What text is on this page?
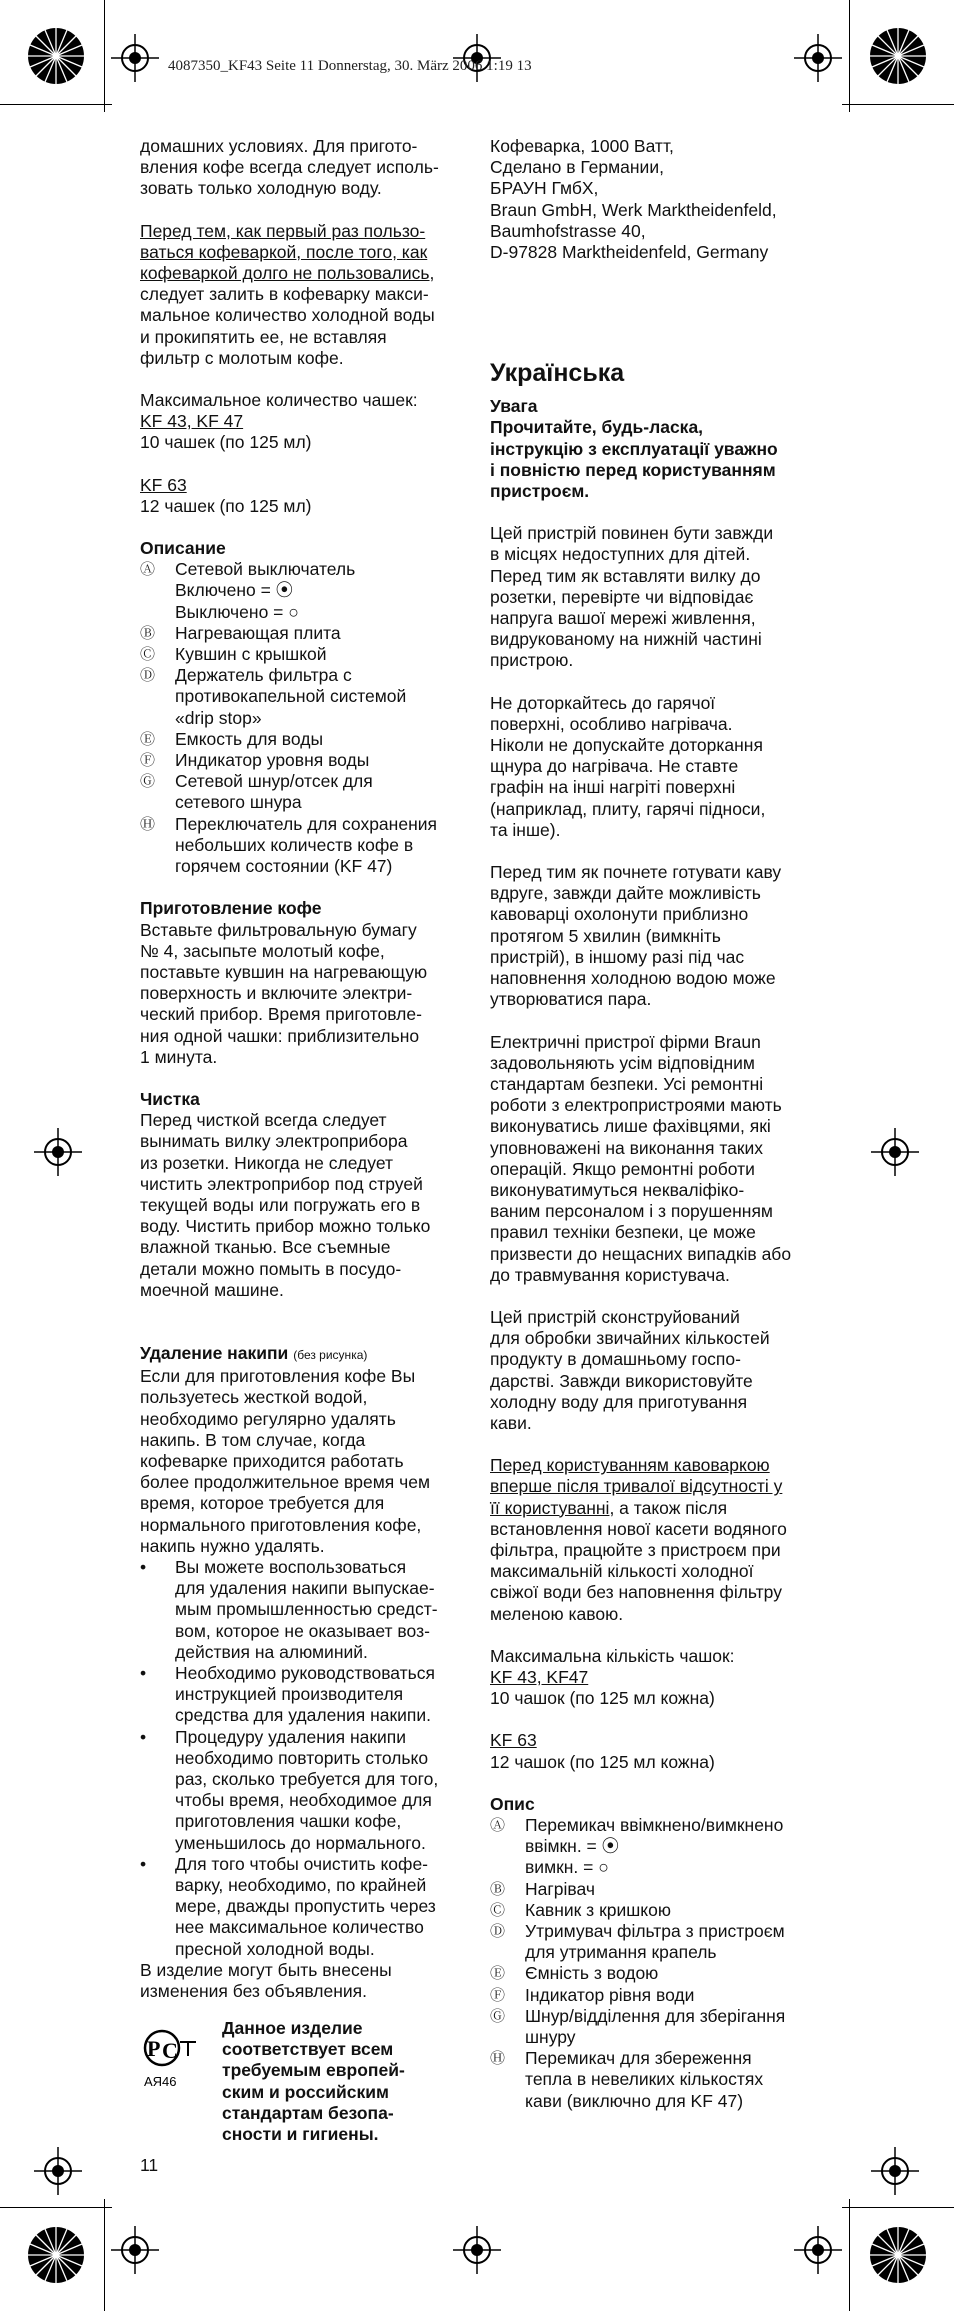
4087350_KF43 Seite 11 Donnerstag, 30. März 2006 1:19 13

домашних условиях. Для пригото-
вления кофе всегда следует исполь-
зовать только холодную воду.

Перед тем, как первый раз пользо-
ваться кофеваркой, после того, как
кофеваркой долго не пользовались,
следует залить в кофеварку макси-
мальное количество холодной воды
и прокипятить ее, не вставляя
фильтр с молотым кофе.

Максимальное количество чашек:
KF 43, KF 47
10 чашек (по 125 мл)
KF 63
12 чашек (по 125 мл)
Описание
Ⓐ	Сетевой выключатель
Включено = ⦿
Выключено = ○
Ⓑ	Нагревающая плита
Ⓒ	Кувшин с крышкой
Ⓓ	Держатель фильтра с
противокапельной системой
«drip stop»
Ⓔ	Емкость для воды
Ⓕ	Индикатор уровня воды
Ⓖ	Сетевой шнур/отсек для
сетевого шнура
Ⓗ	Переключатель для сохранения
небольших количеств кофе в
горячем состоянии (KF 47)
Приготовление кофе

Вставьте фильтровальную бумагу
№ 4, засыпьте молотый кофе,
поставьте кувшин на нагревающую
поверхность и включите электри-
ческий прибор. Время приготовле-
ния одной чашки: приблизительно
1 минута.

Чистка

Перед чисткой всегда следует
вынимать вилку электроприбора
из розетки. Никогда не следует
чистить электроприбор под струей
текущей воды или погружать его в
воду. Чистить прибор можно только
влажной тканью. Все съемные
детали можно помыть в посудо-
моечной машине.

Удаление накипи (без рисунка)

Если для приготовления кофе Вы
пользуетесь жесткой водой,
необходимо регулярно удалять
накипь. В том случае, когда
кофеварке приходится работать
более продолжительное время чем
время, которое требуется для
нормального приготовления кофе,
накипь нужно удалять.

•	Вы можете воспользоваться
для удаления накипи выпускае-
мым промышленностью средст-
вом, которое не оказывает воз-
действия на алюминий.
•	Необходимо руководствоваться
инструкцией производителя
средства для удаления накипи.
•	Процедуру удаления накипи
необходимо повторить столько
раз, сколько требуется для того,
чтобы время, необходимое для
приготовления чашки кофе,
уменьшилось до нормального.
•	Для того чтобы очистить кофе-
варку, необходимо, по крайней
мере, дважды пропустить через
нее максимальное количество
пресной холодной воды.

В изделие могут быть внесены
изменения без объявления.

P C
АЯ46
Данное изделие
соответствует всем
требуемым европей-
ским и российским
стандартам безопа-
сности и гигиены.
11

Кофеварка, 1000 Ватт,
Сделано в Германии,
БРАУН ГмбХ,
Braun GmbH, Werk Marktheidenfeld,
Baumhofstrasse 40,
D-97828 Marktheidenfeld, Germany

Українська
Увага

Прочитайте, будь-ласка,
інструкцію з експлуатації уважно
і повністю перед користуванням
пристроєм.

Цей пристрій повинен бути завжди
в місцях недоступних для дітей.
Перед тим як вставляти вилку до
розетки, перевірте чи відповідає
напруга вашої мережі живлення,
видрукованому на нижній частині
пристрою.

Не доторкайтесь до гарячої
поверхні, особливо нагрівача.
Ніколи не допускайте доторкання
щнура до нагрівача. Не ставте
графін на інші нагріті поверхні
(наприклад, плиту, гарячі підноси,
та інше).

Перед тим як почнете готувати каву
вдруге, завжди дайте можливість
кавоварці охолонути приблизно
протягом 5 хвилин (вимкніть
пристрій), в іншому разі під час
наповнення холодною водою може
утворюватися пара.

Електричні пристрої фірми Braun
задовольняють усім відповідним
стандартам безпеки. Усі ремонтні
роботи з електропристроями мають
виконуватись лише фахівцями, які
уповноважені на виконання таких
операцій. Якщо ремонтні роботи
виконуватимуться некваліфіко-
ваним персоналом і з порушенням
правил техніки безпеки, це може
призвести до нещасних випадків або
до травмування користувача.

Цей пристрій сконструйований
для обробки звичайних кількостей
продукту в домашньому госпо-
дарстві. Завжди використовуйте
холодну воду для приготування
кави.

Перед користуванням кавоваркою
вперше після тривалої відсутності у
її користуванні, а також після
встановлення нової касети водяного
фільтра, працюйте з пристроєм при
максимальній кількості холодної
свіжої води без наповнення фільтру
меленою кавою.

Максимальна кількість чашок:
KF 43, KF47
10 чашок (по 125 мл кожна)
KF 63
12 чашок (по 125 мл кожна)
Опис
Ⓐ	Перемикач ввімкнено/вимкнено
ввімкн. = ⦿
вимкн. = ○
Ⓑ	Нагрівач
Ⓒ	Кавник з кришкою
Ⓓ	Утримувач фільтра з пристроєм
для утримання крапель
Ⓔ	Ємність з водою
Ⓕ	Індикатор рівня води
Ⓖ	Шнур/відділення для зберігання
шнуру
Ⓗ	Перемикач для збереження
тепла в невеликих кількостях
кави (виключно для KF 47)
